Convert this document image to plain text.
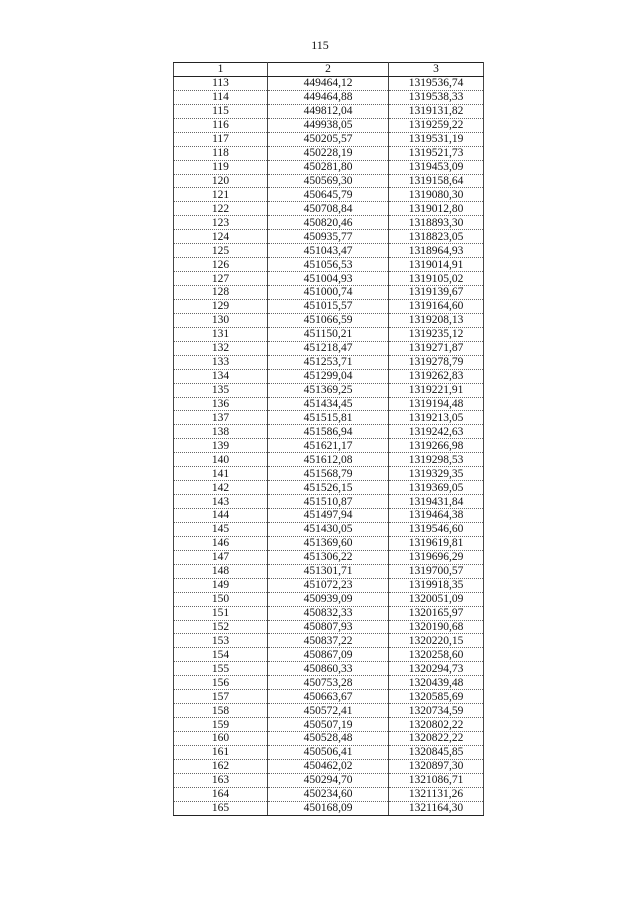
115
1	2	3
113	449464,12	1319536,74
114	449464,88	1319538,33
115	449812,04	1319131,82
116	449938,05	1319259,22
117	450205,57	1319531,19
118	450228,19	1319521,73
119	450281,80	1319453,09
120	450569,30	1319158,64
121	450645,79	1319080,30
122	450708,84	1319012,80
123	450820,46	1318893,30
124	450935,77	1318823,05
125	451043,47	1318964,93
126	451056,53	1319014,91
127	451004,93	1319105,02
128	451000,74	1319139,67
129	451015,57	1319164,60
130	451066,59	1319208,13
131	451150,21	1319235,12
132	451218,47	1319271,87
133	451253,71	1319278,79
134	451299,04	1319262,83
135	451369,25	1319221,91
136	451434,45	1319194,48
137	451515,81	1319213,05
138	451586,94	1319242,63
139	451621,17	1319266,98
140	451612,08	1319298,53
141	451568,79	1319329,35
142	451526,15	1319369,05
143	451510,87	1319431,84
144	451497,94	1319464,38
145	451430,05	1319546,60
146	451369,60	1319619,81
147	451306,22	1319696,29
148	451301,71	1319700,57
149	451072,23	1319918,35
150	450939,09	1320051,09
151	450832,33	1320165,97
152	450807,93	1320190,68
153	450837,22	1320220,15
154	450867,09	1320258,60
155	450860,33	1320294,73
156	450753,28	1320439,48
157	450663,67	1320585,69
158	450572,41	1320734,59
159	450507,19	1320802,22
160	450528,48	1320822,22
161	450506,41	1320845,85
162	450462,02	1320897,30
163	450294,70	1321086,71
164	450234,60	1321131,26
165	450168,09	1321164,30
